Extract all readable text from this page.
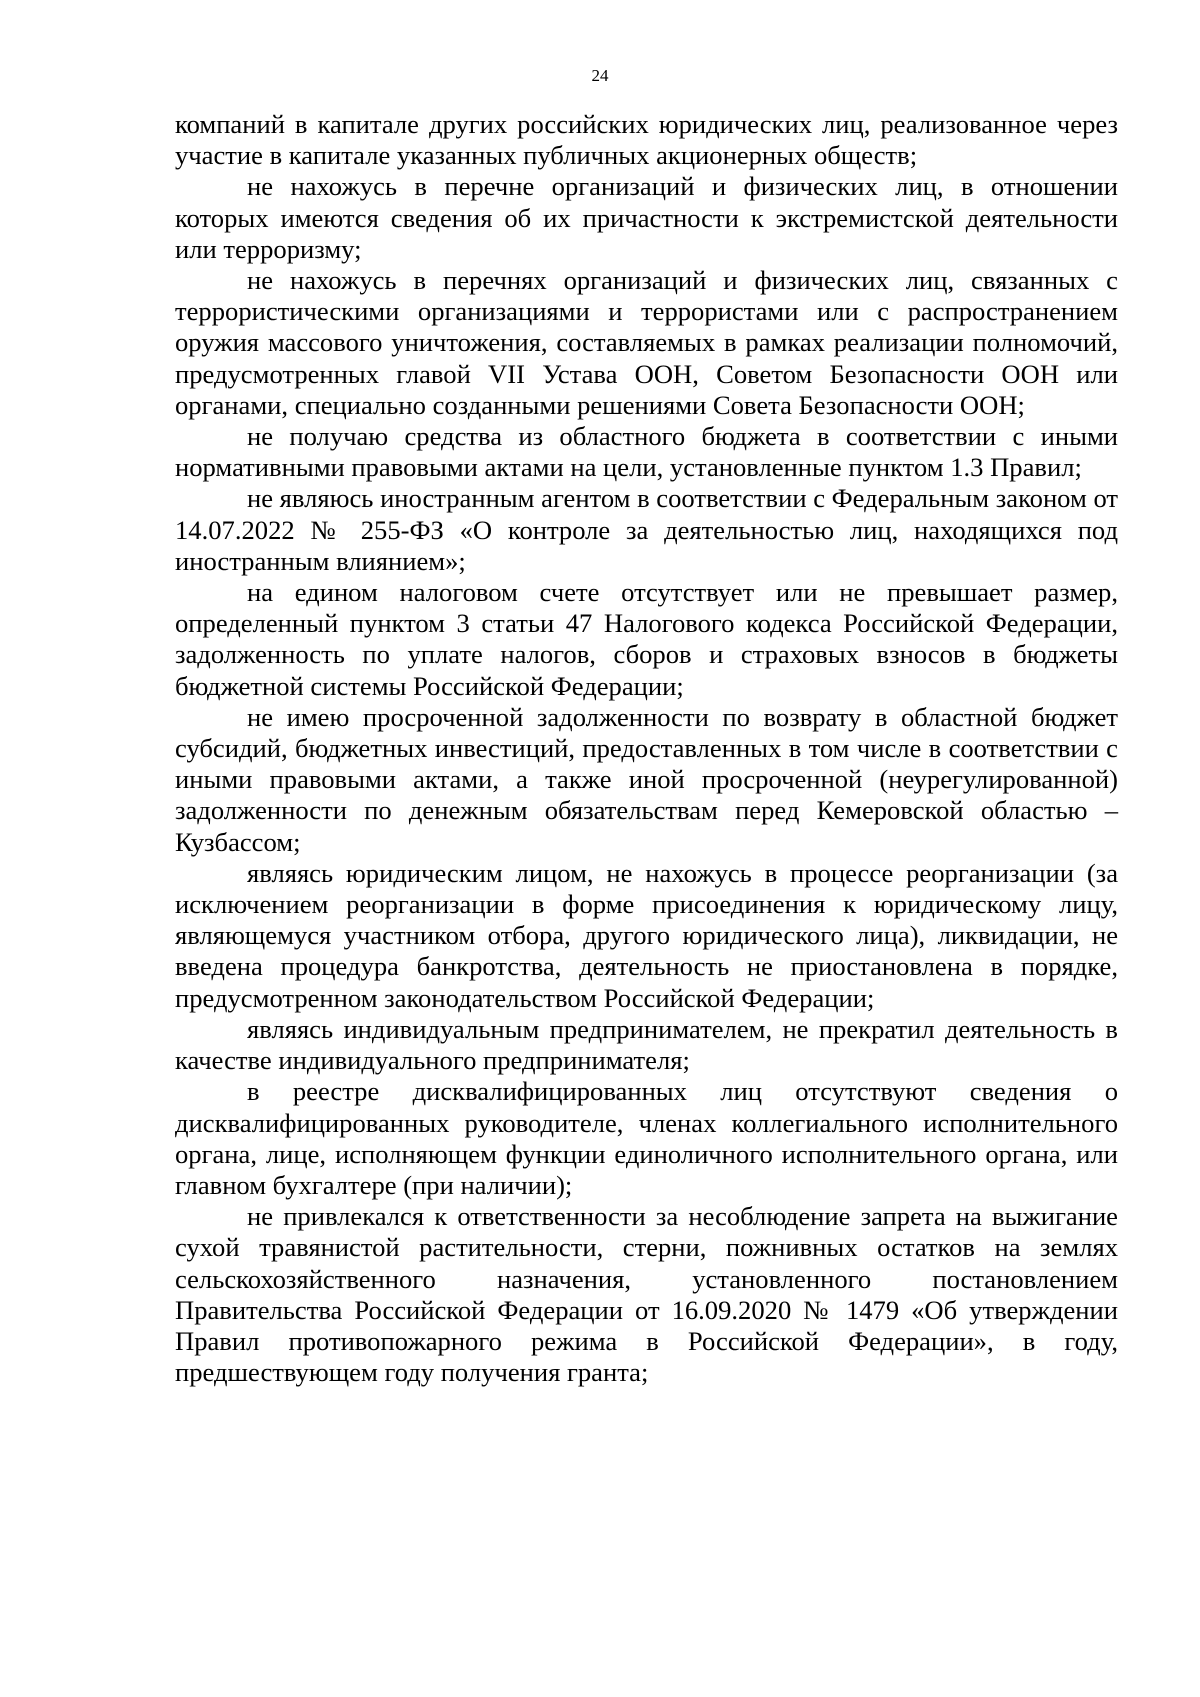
24

компаний в капитале других российских юридических лиц, реализованное через участие в капитале указанных публичных акционерных обществ;

не нахожусь в перечне организаций и физических лиц, в отношении которых имеются сведения об их причастности к экстремистской деятельности или терроризму;

не нахожусь в перечнях организаций и физических лиц, связанных с террористическими организациями и террористами или с распространением оружия массового уничтожения, составляемых в рамках реализации полномочий, предусмотренных главой VII Устава ООН, Советом Безопасности ООН или органами, специально созданными решениями Совета Безопасности ООН;

не получаю средства из областного бюджета в соответствии с иными нормативными правовыми актами на цели, установленные пунктом 1.3 Правил;

не являюсь иностранным агентом в соответствии с Федеральным законом от 14.07.2022 № 255-ФЗ «О контроле за деятельностью лиц, находящихся под иностранным влиянием»;

на едином налоговом счете отсутствует или не превышает размер, определенный пунктом 3 статьи 47 Налогового кодекса Российской Федерации, задолженность по уплате налогов, сборов и страховых взносов в бюджеты бюджетной системы Российской Федерации;

не имею просроченной задолженности по возврату в областной бюджет субсидий, бюджетных инвестиций, предоставленных в том числе в соответствии с иными правовыми актами, а также иной просроченной (неурегулированной) задолженности по денежным обязательствам перед Кемеровской областью – Кузбассом;

являясь юридическим лицом, не нахожусь в процессе реорганизации (за исключением реорганизации в форме присоединения к юридическому лицу, являющемуся участником отбора, другого юридического лица), ликвидации, не введена процедура банкротства, деятельность не приостановлена в порядке, предусмотренном законодательством Российской Федерации;

являясь индивидуальным предпринимателем, не прекратил деятельность в качестве индивидуального предпринимателя;

в реестре дисквалифицированных лиц отсутствуют сведения о дисквалифицированных руководителе, членах коллегиального исполнительного органа, лице, исполняющем функции единоличного исполнительного органа, или главном бухгалтере (при наличии);

не привлекался к ответственности за несоблюдение запрета на выжигание сухой травянистой растительности, стерни, пожнивных остатков на землях сельскохозяйственного назначения, установленного постановлением Правительства Российской Федерации от 16.09.2020 № 1479 «Об утверждении Правил противопожарного режима в Российской Федерации», в году, предшествующем году получения гранта;
